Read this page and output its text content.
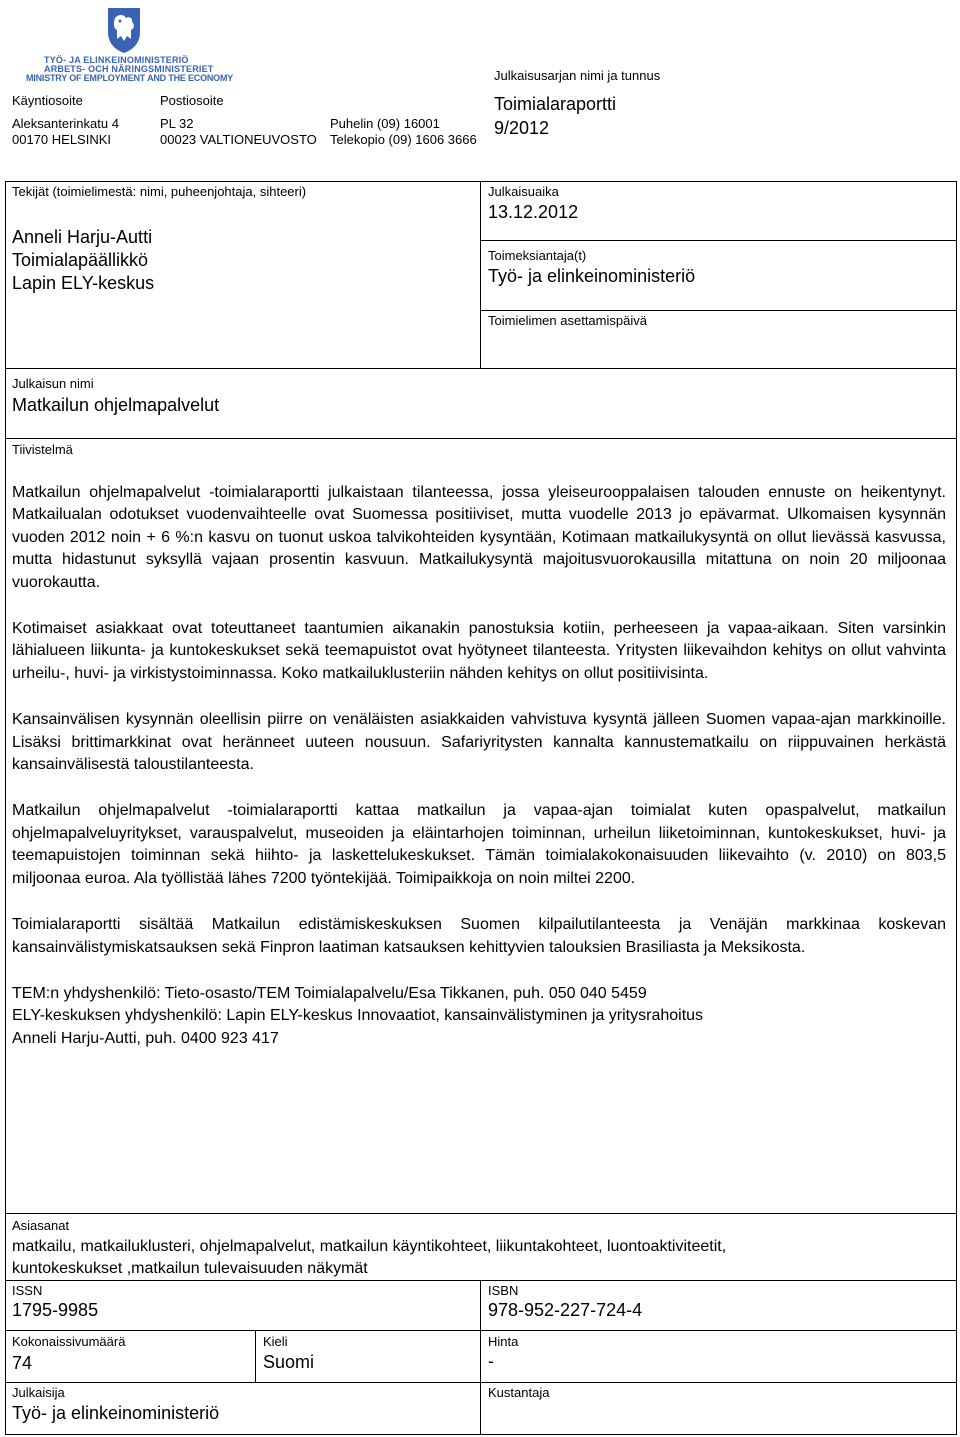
TYÖ- JA ELINKEINOMINISTERIÖ
ARBETS- OCH NÄRINGSMINISTERIET
MINISTRY OF EMPLOYMENT AND THE ECONOMY
Käyntiosoite
Aleksanterinkatu 4
00170 HELSINKI
Postiosoite
PL 32
00023 VALTIONEUVOSTO
Puhelin (09) 16001
Telekopio (09) 1606 3666
Julkaisusarjan nimi ja tunnus
Toimialaraportti
9/2012
Tekijät (toimielimestä: nimi, puheenjohtaja, sihteeri)
Anneli Harju-Autti
Toimialapäällikkö
Lapin ELY-keskus
Julkaisuaika
13.12.2012
Toimeksiantaja(t)
Työ- ja elinkeinoministeriö
Toimielimen asettamispäivä
Julkaisun nimi
Matkailun ohjelmapalvelut
Tiivistelmä

Matkailun ohjelmapalvelut -toimialaraportti julkaistaan tilanteessa, jossa yleiseurooppalaisen talouden ennuste on heikentynyt. Matkailualan odotukset vuodenvaihteelle ovat Suomessa positiiviset, mutta vuodelle 2013 jo epävarmat. Ulkomaisen kysynnän vuoden 2012 noin + 6 %:n kasvu on tuonut uskoa talvikohteiden kysyntään, Kotimaan matkailukysyntä on ollut lievässä kasvussa, mutta hidastunut syksyllä vajaan prosentin kasvuun. Matkailukysyntä majoitusvuorokausilla mitattuna on noin 20 miljoonaa vuorokautta.

Kotimaiset asiakkaat ovat toteuttaneet taantumien aikanakin panostuksia kotiin, perheeseen ja vapaa-aikaan. Siten varsinkin lähialueen liikunta- ja kuntokeskukset sekä teemapuistot ovat hyötyneet tilanteesta. Yritysten liikevaihdon kehitys on ollut vahvinta urheilu-, huvi- ja virkistystoiminnassa. Koko matkailuklusteriin nähden kehitys on ollut positiivisinta.

Kansainvälisen kysynnän oleellisin piirre on venäläisten asiakkaiden vahvistuva kysyntä jälleen Suomen vapaa-ajan markkinoille. Lisäksi brittimarkkinat ovat heränneet uuteen nousuun. Safariyritysten kannalta kannustematkailu on riippuvainen herkästä kansainvälisestä taloustilanteesta.

Matkailun ohjelmapalvelut -toimialaraportti kattaa matkailun ja vapaa-ajan toimialat kuten opaspalvelut, matkailun ohjelmapalveluyritykset, varauspalvelut, museoiden ja eläintarhojen toiminnan, urheilun liiketoiminnan, kuntokeskukset, huvi- ja teemapuistojen toiminnan sekä hiihto- ja laskettelukeskukset. Tämän toimialakokonaisuuden liikevaihto (v. 2010) on 803,5 miljoonaa euroa. Ala työllistää lähes 7200 työntekijää. Toimipaikkoja on noin miltei 2200.

Toimialaraportti sisältää Matkailun edistämiskeskuksen Suomen kilpailutilanteesta ja Venäjän markkinaa koskevan kansainvälistymiskatsauksen sekä Finpron laatiman katsauksen kehittyvien talouksien Brasiliasta ja Meksikosta.

TEM:n yhdyshenkilö: Tieto-osasto/TEM Toimialapalvelu/Esa Tikkanen, puh. 050 040 5459
ELY-keskuksen yhdyshenkilö: Lapin ELY-keskus Innovaatiot, kansainvälistyminen ja yritysrahoitus
Anneli Harju-Autti, puh. 0400 923 417
Asiasanat
matkailu, matkailuklusteri, ohjelmapalvelut, matkailun käyntikohteet, liikuntakohteet, luontoaktiviteetit,
kuntokeskukset ,matkailun tulevaisuuden näkymät
ISSN
1795-9985
ISBN
978-952-227-724-4
Kokonaissivumäärä
74
Kieli
Suomi
Hinta
-
Julkaisija
Työ- ja elinkeinoministeriö
Kustantaja
